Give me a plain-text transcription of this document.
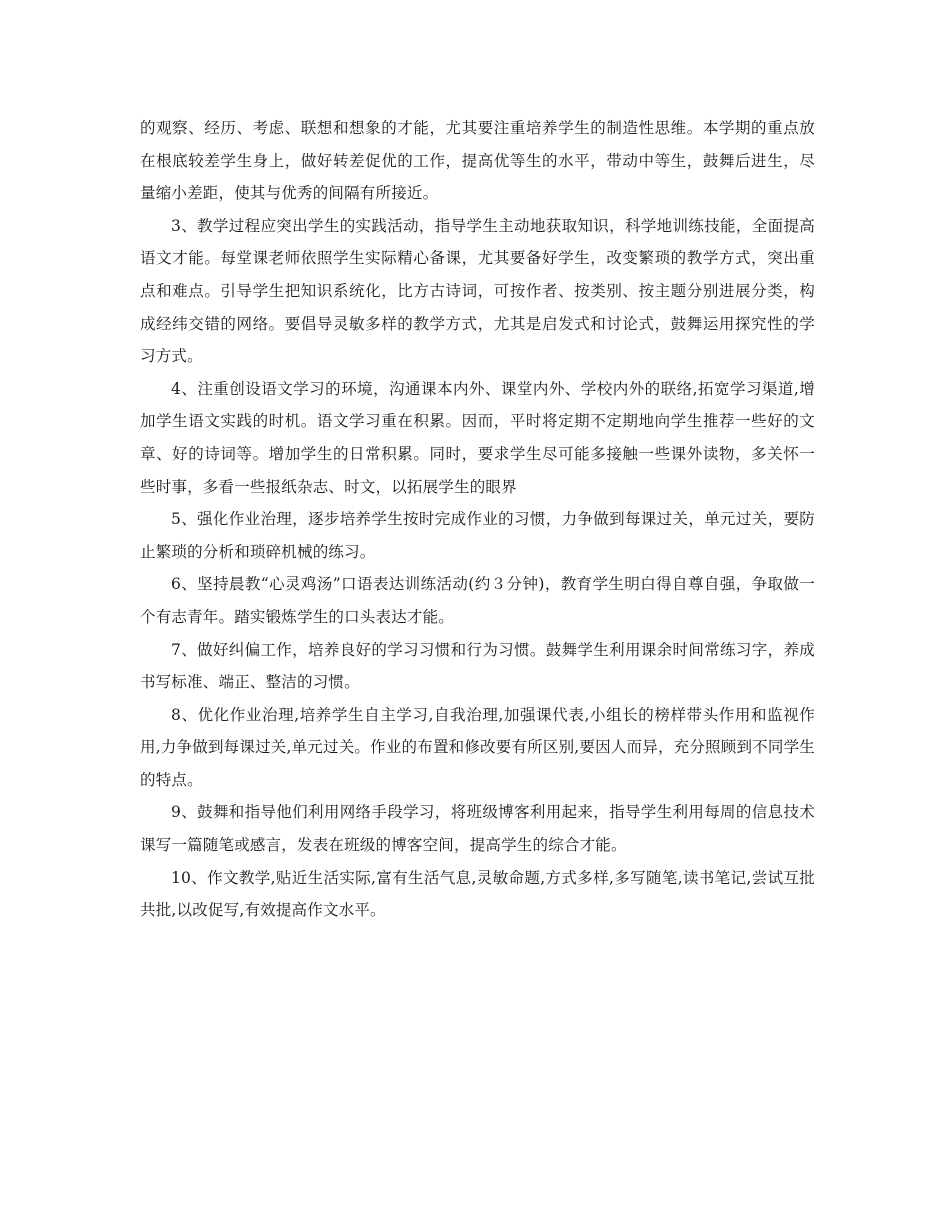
的观察、经历、考虑、联想和想象的才能，尤其要注重培养学生的制造性思维。本学期的重点放在根底较差学生身上，做好转差促优的工作，提高优等生的水平，带动中等生，鼓舞后进生，尽量缩小差距，使其与优秀的间隔有所接近。

3、教学过程应突出学生的实践活动，指导学生主动地获取知识，科学地训练技能，全面提高语文才能。每堂课老师依照学生实际精心备课，尤其要备好学生，改变繁琐的教学方式，突出重点和难点。引导学生把知识系统化，比方古诗词，可按作者、按类别、按主题分别进展分类，构成经纬交错的网络。要倡导灵敏多样的教学方式，尤其是启发式和讨论式，鼓舞运用探究性的学习方式。

4、注重创设语文学习的环境，沟通课本内外、课堂内外、学校内外的联络,拓宽学习渠道,增加学生语文实践的时机。语文学习重在积累。因而，平时将定期不定期地向学生推荐一些好的文章、好的诗词等。增加学生的日常积累。同时，要求学生尽可能多接触一些课外读物，多关怀一些时事，多看一些报纸杂志、时文，以拓展学生的眼界

5、强化作业治理，逐步培养学生按时完成作业的习惯，力争做到每课过关，单元过关，要防止繁琐的分析和琐碎机械的练习。

6、坚持晨教“心灵鸡汤”口语表达训练活动(约３分钟)，教育学生明白得自尊自强，争取做一个有志青年。踏实锻炼学生的口头表达才能。

7、做好纠偏工作，培养良好的学习习惯和行为习惯。鼓舞学生利用课余时间常练习字，养成书写标准、端正、整洁的习惯。

8、优化作业治理,培养学生自主学习,自我治理,加强课代表,小组长的榜样带头作用和监视作用,力争做到每课过关,单元过关。作业的布置和修改要有所区别,要因人而异，充分照顾到不同学生的特点。

9、鼓舞和指导他们利用网络手段学习，将班级博客利用起来，指导学生利用每周的信息技术课写一篇随笔或感言，发表在班级的博客空间，提高学生的综合才能。

10、作文教学,贴近生活实际,富有生活气息,灵敏命题,方式多样,多写随笔,读书笔记,尝试互批共批,以改促写,有效提高作文水平。
